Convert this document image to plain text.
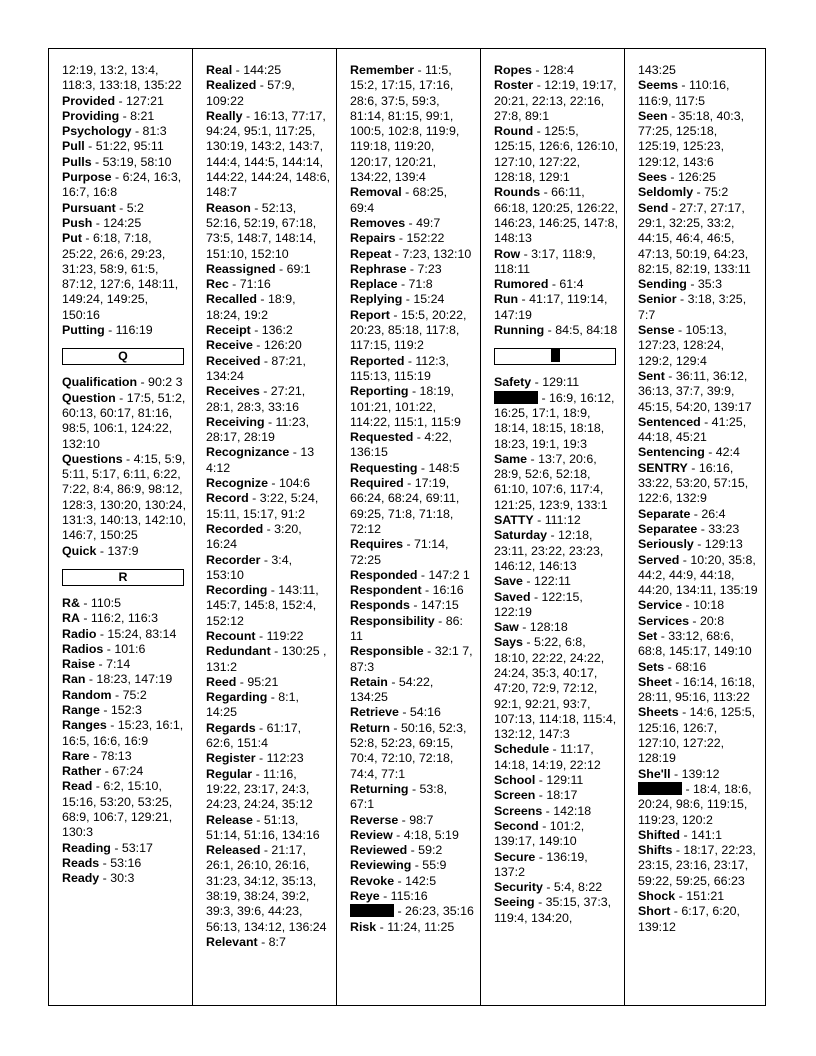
12:19, 13:2, 13:4, 118:3, 133:18, 135:22
Provided - 127:21
Providing - 8:21
Psychology - 81:3
Pull - 51:22, 95:11
Pulls - 53:19, 58:10
Purpose - 6:24, 16:3, 16:7, 16:8
Pursuant - 5:2
Push - 124:25
Put - 6:18, 7:18, 25:22, 26:6, 29:23, 31:23, 58:9, 61:5, 87:12, 127:6, 148:11, 149:24, 149:25, 150:16
Putting - 116:19
Q
Qualification - 90:2 3
Question - 17:5, 51:2, 60:13, 60:17, 81:16, 98:5, 106:1, 124:22, 132:10
Questions - 4:15, 5:9, 5:11, 5:17, 6:11, 6:22, 7:22, 8:4, 86:9, 98:12, 128:3, 130:20, 130:24, 131:3, 140:13, 142:10, 146:7, 150:25
Quick - 137:9
R
R& - 110:5
RA - 116:2, 116:3
Radio - 15:24, 83:14
Radios - 101:6
Raise - 7:14
Ran - 18:23, 147:19
Random - 75:2
Range - 152:3
Ranges - 15:23, 16:1, 16:5, 16:6, 16:9
Rare - 78:13
Rather - 67:24
Read - 6:2, 15:10, 15:16, 53:20, 53:25, 68:9, 106:7, 129:21, 130:3
Reading - 53:17
Reads - 53:16
Ready - 30:3
Real - 144:25
Realized - 57:9, 109:22
Really - 16:13, 77:17, 94:24, 95:1, 117:25, 130:19, 143:2, 143:7, 144:4, 144:5, 144:14, 144:22, 144:24, 148:6, 148:7
Reason - 52:13, 52:16, 52:19, 67:18, 73:5, 148:7, 148:14, 151:10, 152:10
Reassigned - 69:1
Rec - 71:16
Recalled - 18:9, 18:24, 19:2
Receipt - 136:2
Receive - 126:20
Received - 87:21, 134:24
Receives - 27:21, 28:1, 28:3, 33:16
Receiving - 11:23, 28:17, 28:19
Recognizance - 13 4:12
Recognize - 104:6
Record - 3:22, 5:24, 15:11, 15:17, 91:2
Recorded - 3:20, 16:24
Recorder - 3:4, 153:10
Recording - 143:11, 145:7, 145:8, 152:4, 152:12
Recount - 119:22
Redundant - 130:25 , 131:2
Reed - 95:21
Regarding - 8:1, 14:25
Regards - 61:17, 62:6, 151:4
Register - 112:23
Regular - 11:16, 19:22, 23:17, 24:3, 24:23, 24:24, 35:12
Release - 51:13, 51:14, 51:16, 134:16
Released - 21:17, 26:1, 26:10, 26:16, 31:23, 34:12, 35:13, 38:19, 38:24, 39:2, 39:3, 39:6, 44:23, 56:13, 134:12, 136:24
Relevant - 8:7
Remember - 11:5, 15:2, 17:15, 17:16, 28:6, 37:5, 59:3, 81:14, 81:15, 99:1, 100:5, 102:8, 119:9, 119:18, 119:20, 120:17, 120:21, 134:22, 139:4
Removal - 68:25, 69:4
Removes - 49:7
Repairs - 152:22
Repeat - 7:23, 132:10
Rephrase - 7:23
Replace - 71:8
Replying - 15:24
Report - 15:5, 20:22, 20:23, 85:18, 117:8, 117:15, 119:2
Reported - 112:3, 115:13, 115:19
Reporting - 18:19, 101:21, 101:22, 114:22, 115:1, 115:9
Requested - 4:22, 136:15
Requesting - 148:5
Required - 17:19, 66:24, 68:24, 69:11, 69:25, 71:8, 71:18, 72:12
Requires - 71:14, 72:25
Responded - 147:2 1
Respondent - 16:16
Responds - 147:15
Responsibility - 86: 11
Responsible - 32:1 7, 87:3
Retain - 54:22, 134:25
Retrieve - 54:16
Return - 50:16, 52:3, 52:8, 52:23, 69:15, 70:4, 72:10, 72:18, 74:4, 77:1
Returning - 53:8, 67:1
Reverse - 98:7
Review - 4:18, 5:19
Reviewed - 59:2
Reviewing - 55:9
Revoke - 142:5
Reye - 115:16
- 26:23, 35:16
Risk - 11:24, 11:25
Ropes - 128:4
Roster - 12:19, 19:17, 20:21, 22:13, 22:16, 27:8, 89:1
Round - 125:5, 125:15, 126:6, 126:10, 127:10, 127:22, 128:18, 129:1
Rounds - 66:11, 66:18, 120:25, 126:22, 146:23, 146:25, 147:8, 148:13
Row - 3:17, 118:9, 118:11
Rumored - 61:4
Run - 41:17, 119:14, 147:19
Running - 84:5, 84:18
Safety - 129:11
- 16:9, 16:12, 16:25, 17:1, 18:9, 18:14, 18:15, 18:18, 18:23, 19:1, 19:3
Same - 13:7, 20:6, 28:9, 52:6, 52:18, 61:10, 107:6, 117:4, 121:25, 123:9, 133:1
SATTY - 111:12
Saturday - 12:18, 23:11, 23:22, 23:23, 146:12, 146:13
Save - 122:11
Saved - 122:15, 122:19
Saw - 128:18
Says - 5:22, 6:8, 18:10, 22:22, 24:22, 24:24, 35:3, 40:17, 47:20, 72:9, 72:12, 92:1, 92:21, 93:7, 107:13, 114:18, 115:4, 132:12, 147:3
Schedule - 11:17, 14:18, 14:19, 22:12
School - 129:11
Screen - 18:17
Screens - 142:18
Second - 101:2, 139:17, 149:10
Secure - 136:19, 137:2
Security - 5:4, 8:22
Seeing - 35:15, 37:3, 119:4, 134:20,
143:25
Seems - 110:16, 116:9, 117:5
Seen - 35:18, 40:3, 77:25, 125:18, 125:19, 125:23, 129:12, 143:6
Sees - 126:25
Seldomly - 75:2
Send - 27:7, 27:17, 29:1, 32:25, 33:2, 44:15, 46:4, 46:5, 47:13, 50:19, 64:23, 82:15, 82:19, 133:11
Sending - 35:3
Senior - 3:18, 3:25, 7:7
Sense - 105:13, 127:23, 128:24, 129:2, 129:4
Sent - 36:11, 36:12, 36:13, 37:7, 39:9, 45:15, 54:20, 139:17
Sentenced - 41:25, 44:18, 45:21
Sentencing - 42:4
SENTRY - 16:16, 33:22, 53:20, 57:15, 122:6, 132:9
Separate - 26:4
Separatee - 33:23
Seriously - 129:13
Served - 10:20, 35:8, 44:2, 44:9, 44:18, 44:20, 134:11, 135:19
Service - 10:18
Services - 20:8
Set - 33:12, 68:6, 68:8, 145:17, 149:10
Sets - 68:16
Sheet - 16:14, 16:18, 28:11, 95:16, 113:22
Sheets - 14:6, 125:5, 125:16, 126:7, 127:10, 127:22, 128:19
She'll - 139:12
- 18:4, 18:6, 20:24, 98:6, 119:15, 119:23, 120:2
Shifted - 141:1
Shifts - 18:17, 22:23, 23:15, 23:16, 23:17, 59:22, 59:25, 66:23
Shock - 151:21
Short - 6:17, 6:20, 139:12
